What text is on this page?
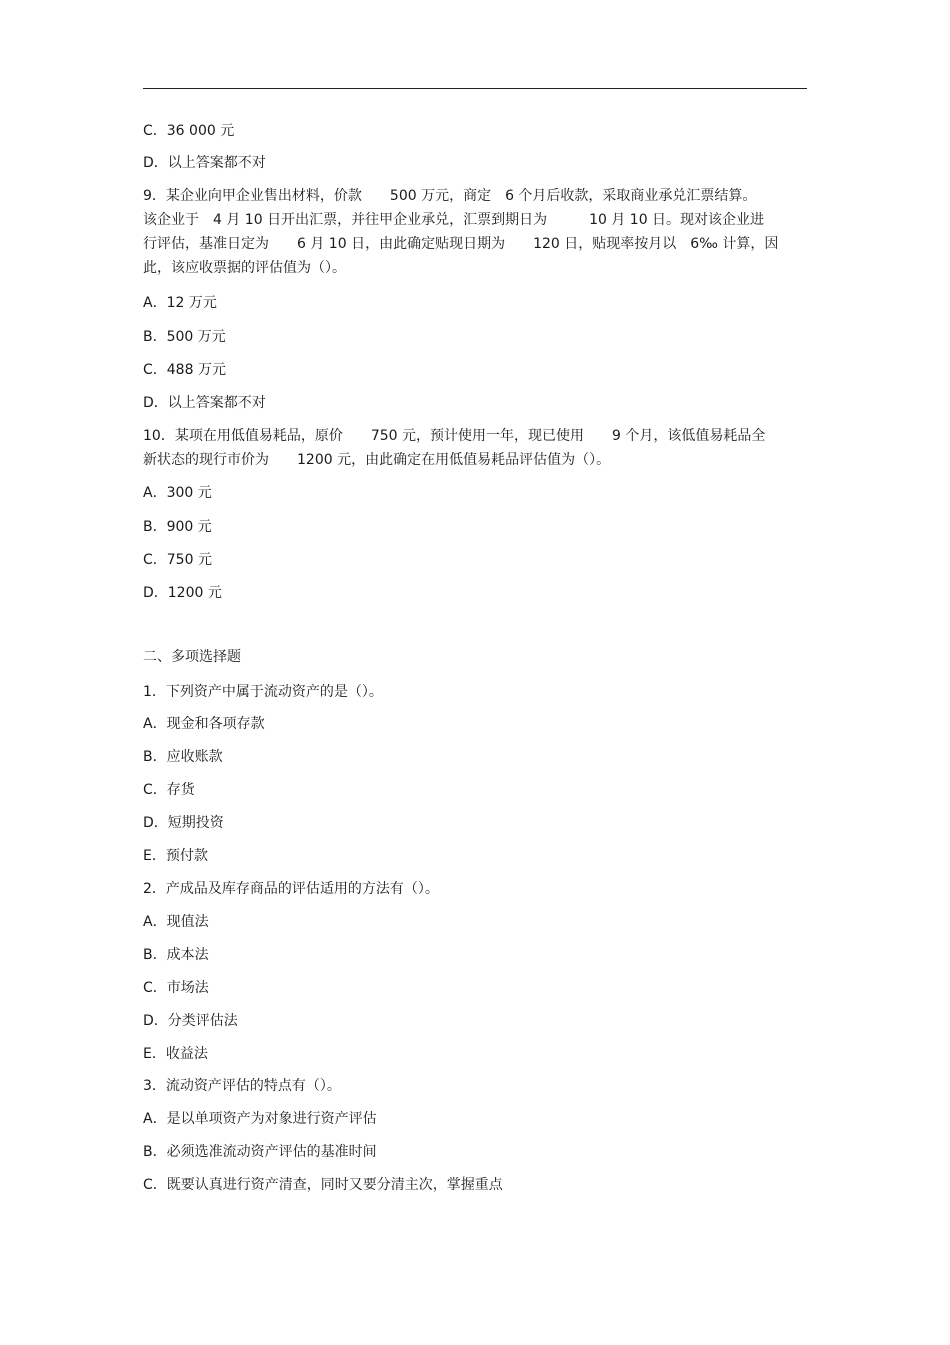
C．36 000 元
D．以上答案都不对
9．某企业向甲企业售出材料，价款　　500 万元，商定　6 个月后收款，采取商业承兑汇票结算。
该企业于　4 月 10 日开出汇票，并往甲企业承兑，汇票到期日为　　　10 月 10 日。现对该企业进
行评估，基准日定为　　6 月 10 日，由此确定贴现日期为　　120 日，贴现率按月以　6‰ 计算，因
此，该应收票据的评估值为（）。
A．12 万元
B．500 万元
C．488 万元
D．以上答案都不对
10．某项在用低值易耗品，原价　　750 元，预计使用一年，现已使用　　9 个月，该低值易耗品全
新状态的现行市价为　　1200 元，由此确定在用低值易耗品评估值为（）。
A．300 元
B．900 元
C．750 元
D．1200 元
二、多项选择题
1．下列资产中属于流动资产的是（）。
A．现金和各项存款
B．应收账款
C．存货
D．短期投资
E．预付款
2．产成品及库存商品的评估适用的方法有（）。
A．现值法
B．成本法
C．市场法
D．分类评估法
E．收益法
3．流动资产评估的特点有（）。
A．是以单项资产为对象进行资产评估
B．必须选准流动资产评估的基准时间
C．既要认真进行资产清查，同时又要分清主次，掌握重点
